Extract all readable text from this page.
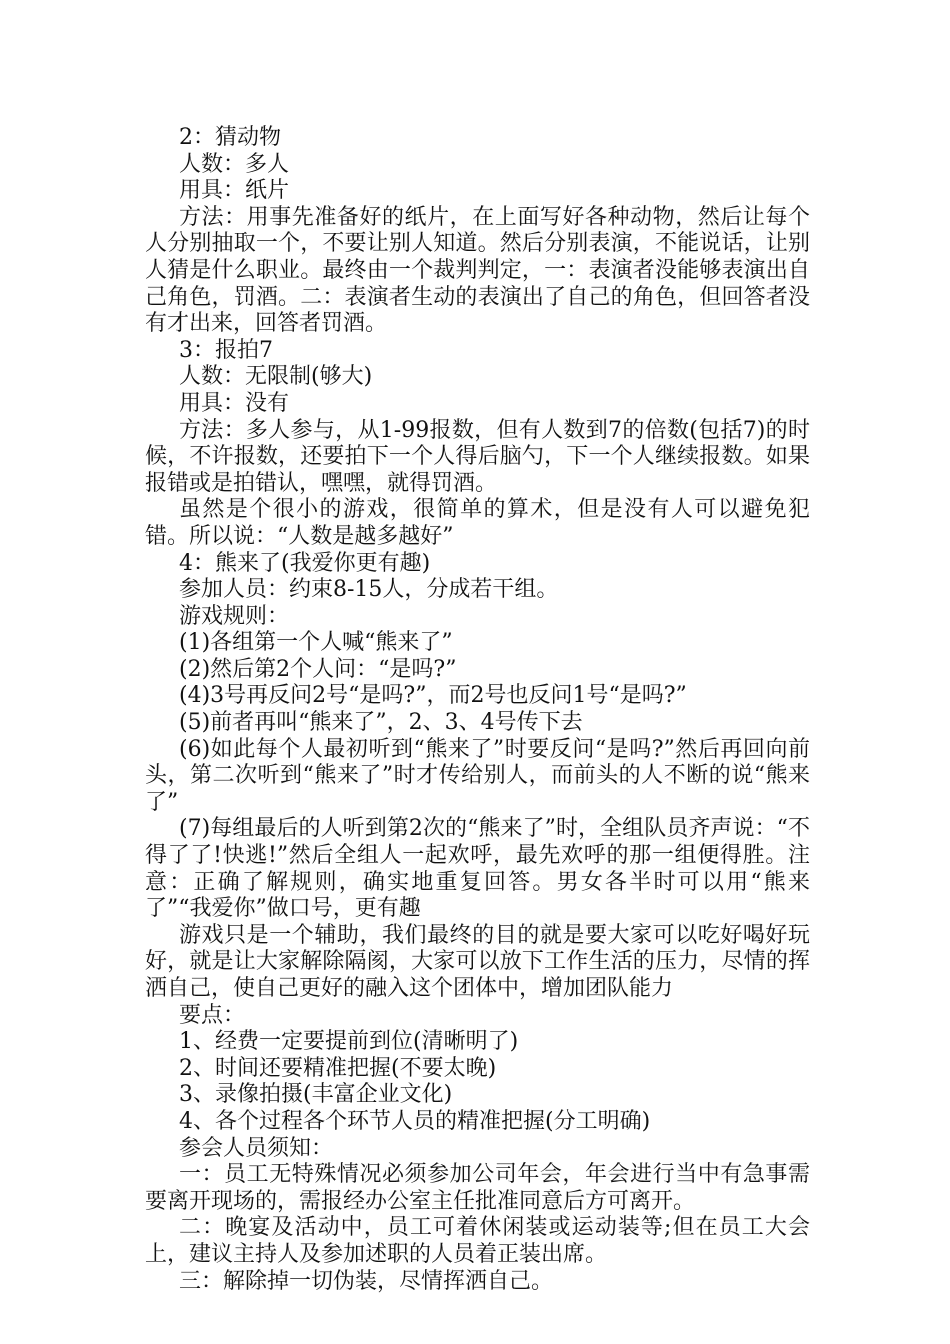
2：猜动物

人数：多人

用具：纸片

方法：用事先准备好的纸片，在上面写好各种动物，然后让每个人分别抽取一个，不要让别人知道。然后分别表演，不能说话，让别人猜是什么职业。最终由一个裁判判定，一：表演者没能够表演出自己角色，罚酒。二：表演者生动的表演出了自己的角色，但回答者没有才出来，回答者罚酒。

3：报拍7

人数：无限制(够大)

用具：没有

方法：多人参与，从1-99报数，但有人数到7的倍数(包括7)的时候，不许报数，还要拍下一个人得后脑勺，下一个人继续报数。如果报错或是拍错认，嘿嘿，就得罚酒。

虽然是个很小的游戏，很简单的算术，但是没有人可以避免犯错。所以说：“人数是越多越好”

4：熊来了(我爱你更有趣)

参加人员：约束8-15人，分成若干组。

游戏规则：

(1)各组第一个人喊“熊来了”

(2)然后第2个人问：“是吗?”

(4)3号再反问2号“是吗?”，而2号也反问1号“是吗?”

(5)前者再叫“熊来了”，2、3、4号传下去

(6)如此每个人最初听到“熊来了”时要反问“是吗?”然后再回向前头，第二次听到“熊来了”时才传给别人，而前头的人不断的说“熊来了”

(7)每组最后的人听到第2次的“熊来了”时，全组队员齐声说：“不得了了!快逃!”然后全组人一起欢呼，最先欢呼的那一组便得胜。注意：正确了解规则，确实地重复回答。男女各半时可以用“熊来了”“我爱你”做口号，更有趣

游戏只是一个辅助，我们最终的目的就是要大家可以吃好喝好玩好，就是让大家解除隔阂，大家可以放下工作生活的压力，尽情的挥洒自己，使自己更好的融入这个团体中，增加团队能力

要点：

1、经费一定要提前到位(清晰明了)

2、时间还要精准把握(不要太晚)

3、录像拍摄(丰富企业文化)

4、各个过程各个环节人员的精准把握(分工明确)

参会人员须知：

一：员工无特殊情况必须参加公司年会，年会进行当中有急事需要离开现场的，需报经办公室主任批准同意后方可离开。

二：晚宴及活动中，员工可着休闲装或运动装等;但在员工大会上，建议主持人及参加述职的人员着正装出席。

三：解除掉一切伪装，尽情挥洒自己。
